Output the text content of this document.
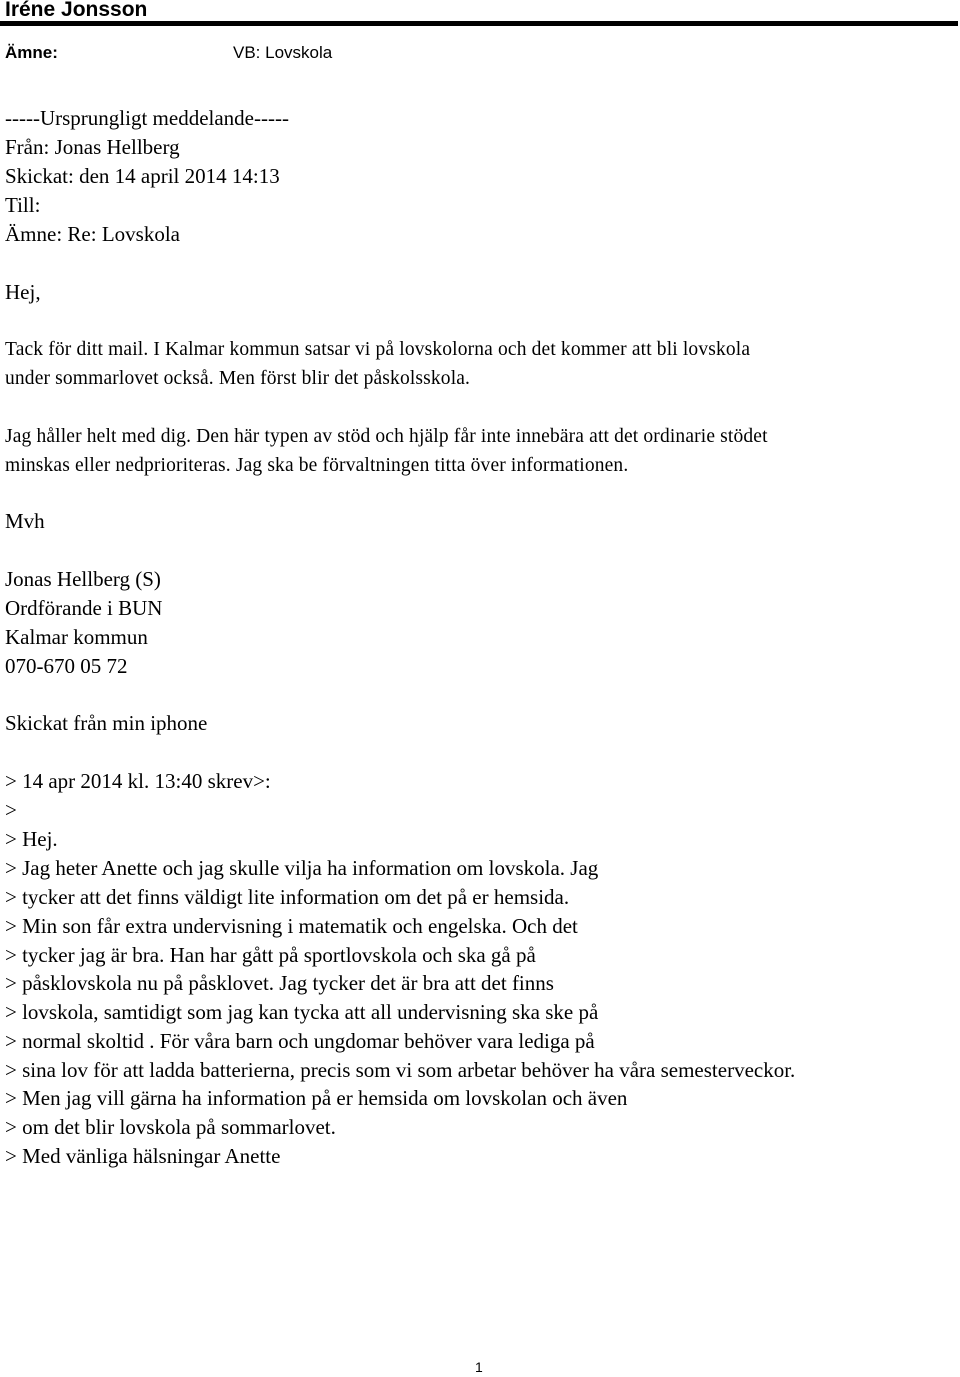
Iréne Jonsson
Ämne:	VB: Lovskola
-----Ursprungligt meddelande-----
Från: Jonas Hellberg
Skickat: den 14 april 2014 14:13
Till:
Ämne: Re: Lovskola
Hej,
Tack för ditt mail. I Kalmar kommun satsar vi på lovskolorna och det kommer att bli lovskola
under sommarlovet också. Men först blir det påskolsskola.
Jag håller helt med dig. Den här typen av stöd och hjälp får inte innebära att det ordinarie stödet
minskas eller nedprioriteras. Jag ska be förvaltningen titta över informationen.
Mvh
Jonas Hellberg (S)
Ordförande i BUN
Kalmar kommun
070-670 05 72
Skickat från min iphone
> 14 apr 2014 kl. 13:40 skrev>:
>
> Hej.
> Jag heter Anette och jag skulle vilja ha information om lovskola. Jag
> tycker att det finns väldigt lite information om det på er hemsida.
> Min son får extra undervisning i matematik och engelska. Och det
> tycker jag är bra. Han har gått på sportlovskola och ska gå på
> påsklovskola nu på påsklovet. Jag tycker det är bra att det finns
> lovskola, samtidigt som jag kan tycka att all undervisning ska ske på
> normal skoltid . För våra barn och ungdomar behöver vara lediga på
> sina lov för att ladda batterierna, precis som vi som arbetar behöver ha våra semesterveckor.
> Men jag vill gärna ha information på er hemsida om lovskolan och även
> om det blir lovskola på sommarlovet.
> Med vänliga hälsningar Anette
1
